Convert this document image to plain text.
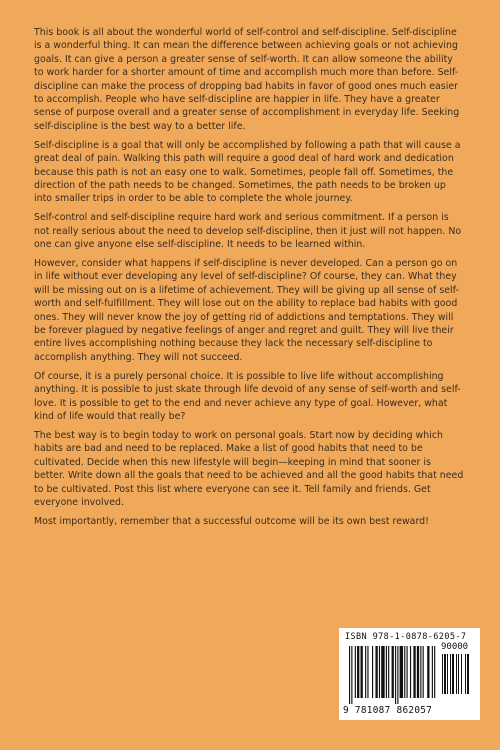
This book is all about the wonderful world of self-control and self-discipline. Self-discipline is a wonderful thing. It can mean the difference between achieving goals or not achieving goals. It can give a person a greater sense of self-worth. It can allow someone the ability to work harder for a shorter amount of time and accomplish much more than before. Self-discipline can make the process of dropping bad habits in favor of good ones much easier to accomplish. People who have self-discipline are happier in life. They have a greater sense of purpose overall and a greater sense of accomplishment in everyday life. Seeking self-discipline is the best way to a better life.

Self-discipline is a goal that will only be accomplished by following a path that will cause a great deal of pain. Walking this path will require a good deal of hard work and dedication because this path is not an easy one to walk. Sometimes, people fall off. Sometimes, the direction of the path needs to be changed. Sometimes, the path needs to be broken up into smaller trips in order to be able to complete the whole journey.

Self-control and self-discipline require hard work and serious commitment. If a person is not really serious about the need to develop self-discipline, then it just will not happen. No one can give anyone else self-discipline. It needs to be learned within.

However, consider what happens if self-discipline is never developed. Can a person go on in life without ever developing any level of self-discipline? Of course, they can. What they will be missing out on is a lifetime of achievement. They will be giving up all sense of self-worth and self-fulfillment. They will lose out on the ability to replace bad habits with good ones. They will never know the joy of getting rid of addictions and temptations. They will be forever plagued by negative feelings of anger and regret and guilt. They will live their entire lives accomplishing nothing because they lack the necessary self-discipline to accomplish anything. They will not succeed.

Of course, it is a purely personal choice. It is possible to live life without accomplishing anything. It is possible to just skate through life devoid of any sense of self-worth and self-love. It is possible to get to the end and never achieve any type of goal. However, what kind of life would that really be?

The best way is to begin today to work on personal goals. Start now by deciding which habits are bad and need to be replaced. Make a list of good habits that need to be cultivated. Decide when this new lifestyle will begin—keeping in mind that sooner is better. Write down all the goals that need to be achieved and all the good habits that need to be cultivated. Post this list where everyone can see it. Tell family and friends. Get everyone involved.

Most importantly, remember that a successful outcome will be its own best reward!

ISBN 978-1-0878-6205-7
90000
9 781087 862057
